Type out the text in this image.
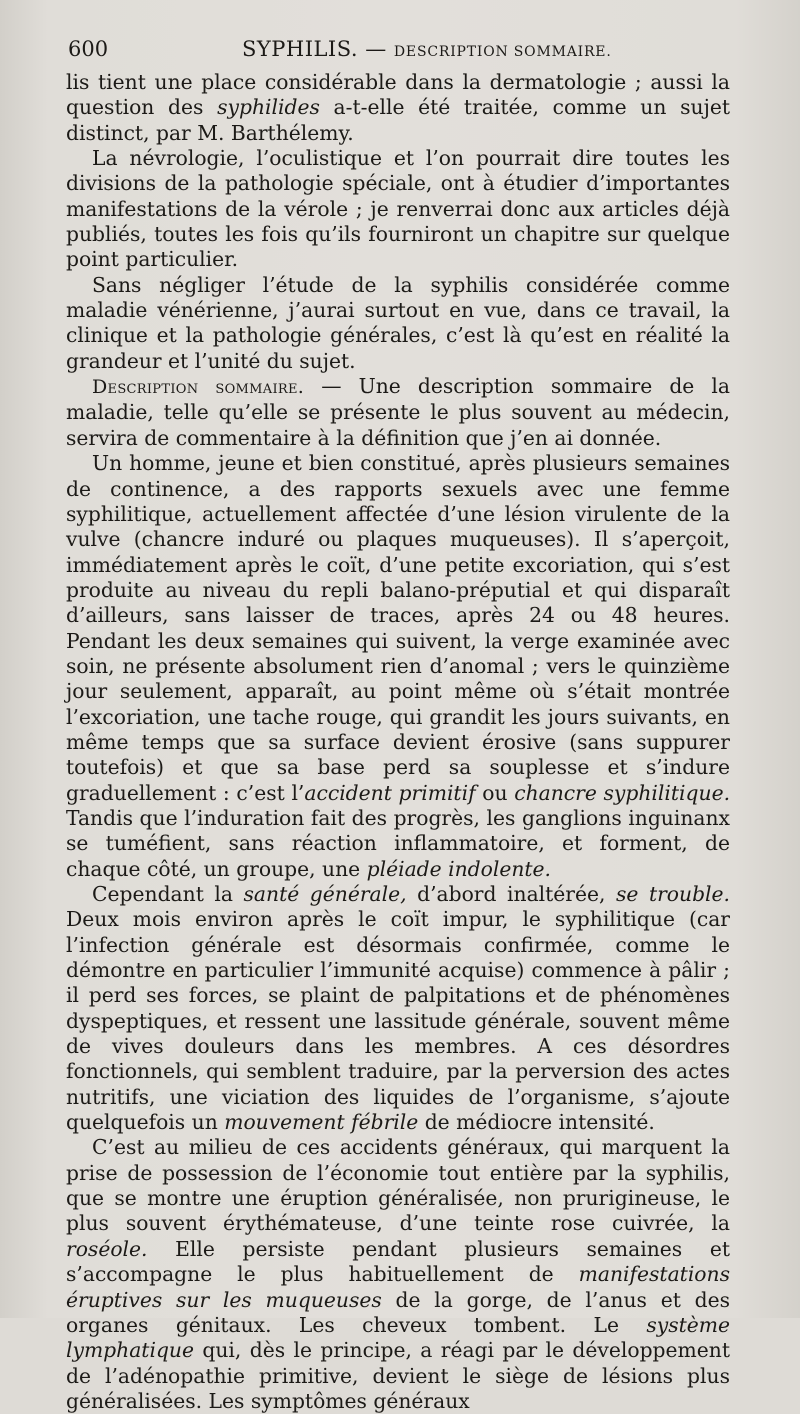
600	SYPHILIS. — DESCRIPTION SOMMAIRE.

lis tient une place considérable dans la dermatologie ; aussi la question des syphilides a-t-elle été traitée, comme un sujet distinct, par M. Barthélemy.

La névrologie, l’oculistique et l’on pourrait dire toutes les divisions de la pathologie spéciale, ont à étudier d’importantes manifestations de la vérole ; je renverrai donc aux articles déjà publiés, toutes les fois qu’ils fourniront un chapitre sur quelque point particulier.

Sans négliger l’étude de la syphilis considérée comme maladie vénérienne, j’aurai surtout en vue, dans ce travail, la clinique et la pathologie générales, c’est là qu’est en réalité la grandeur et l’unité du sujet.

Description sommaire. — Une description sommaire de la maladie, telle qu’elle se présente le plus souvent au médecin, servira de commentaire à la définition que j’en ai donnée.

Un homme, jeune et bien constitué, après plusieurs semaines de continence, a des rapports sexuels avec une femme syphilitique, actuellement affectée d’une lésion virulente de la vulve (chancre induré ou plaques muqueuses). Il s’aperçoit, immédiatement après le coït, d’une petite excoriation, qui s’est produite au niveau du repli balano-préputial et qui disparaît d’ailleurs, sans laisser de traces, après 24 ou 48 heures. Pendant les deux semaines qui suivent, la verge examinée avec soin, ne présente absolument rien d’anomal ; vers le quinzième jour seulement, apparaît, au point même où s’était montrée l’excoriation, une tache rouge, qui grandit les jours suivants, en même temps que sa surface devient érosive (sans suppurer toutefois) et que sa base perd sa souplesse et s’indure graduellement : c’est l’accident primitif ou chancre syphilitique. Tandis que l’induration fait des progrès, les ganglions inguinanx se tuméfient, sans réaction inflammatoire, et forment, de chaque côté, un groupe, une pléiade indolente.

Cependant la santé générale, d’abord inaltérée, se trouble. Deux mois environ après le coït impur, le syphilitique (car l’infection générale est désormais confirmée, comme le démontre en particulier l’immunité acquise) commence à pâlir ; il perd ses forces, se plaint de palpitations et de phénomènes dyspeptiques, et ressent une lassitude générale, souvent même de vives douleurs dans les membres. A ces désordres fonctionnels, qui semblent traduire, par la perversion des actes nutritifs, une viciation des liquides de l’organisme, s’ajoute quelquefois un mouvement fébrile de médiocre intensité.

C’est au milieu de ces accidents généraux, qui marquent la prise de possession de l’économie tout entière par la syphilis, que se montre une éruption généralisée, non prurigineuse, le plus souvent érythémateuse, d’une teinte rose cuivrée, la roséole. Elle persiste pendant plusieurs semaines et s’accompagne le plus habituellement de manifestations éruptives sur les muqueuses de la gorge, de l’anus et des organes génitaux. Les cheveux tombent. Le système lymphatique qui, dès le principe, a réagi par le développement de l’adénopathie primitive, devient le siège de lésions plus généralisées. Les symptômes généraux
